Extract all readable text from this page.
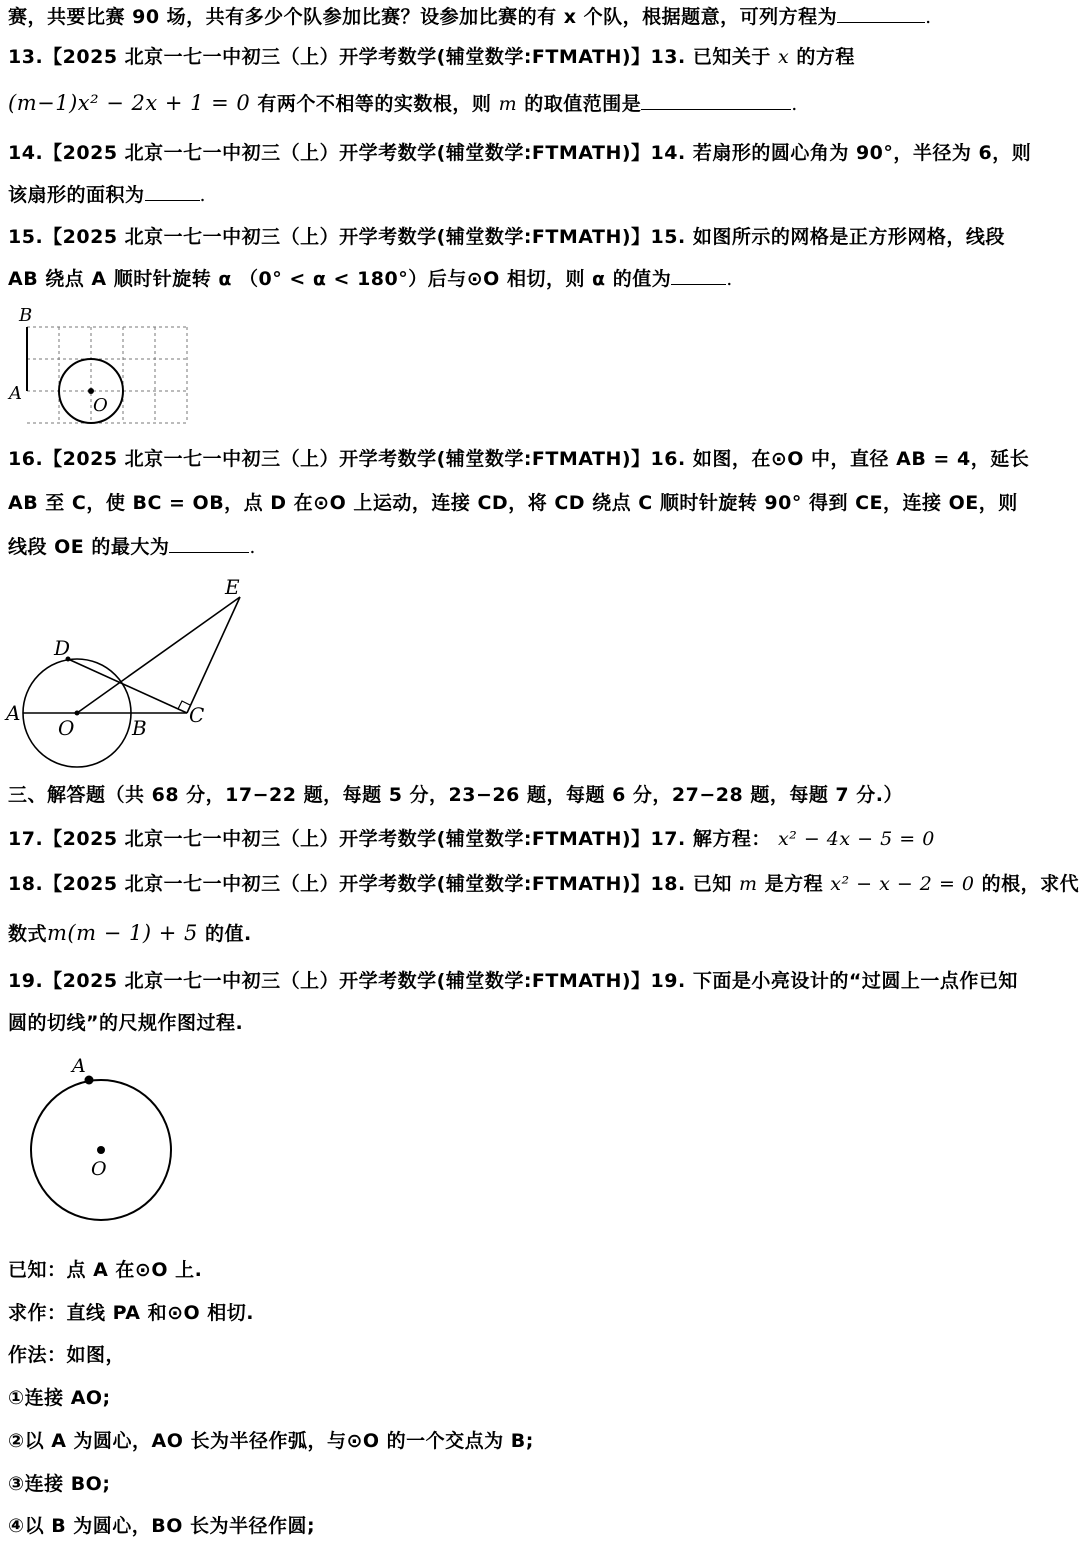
赛，共要比赛 90 场，共有多少个队参加比赛？设参加比赛的有 x 个队，根据题意，可列方程为	.
13.【2025 北京一七一中初三（上）开学考数学(辅堂数学:FTMATH)】13. 已知关于 x 的方程
(m−1)x² − 2x + 1 = 0 有两个不相等的实数根，则 m 的取值范围是	.
14.【2025 北京一七一中初三（上）开学考数学(辅堂数学:FTMATH)】14. 若扇形的圆心角为 90°，半径为 6，则
该扇形的面积为	.
15.【2025 北京一七一中初三（上）开学考数学(辅堂数学:FTMATH)】15. 如图所示的网格是正方形网格，线段
AB 绕点 A 顺时针旋转 α （0° < α < 180°）后与⊙O 相切，则 α 的值为	.
B
A
O
16.【2025 北京一七一中初三（上）开学考数学(辅堂数学:FTMATH)】16. 如图，在⊙O 中，直径 AB = 4，延长
AB 至 C，使 BC = OB，点 D 在⊙O 上运动，连接 CD，将 CD 绕点 C 顺时针旋转 90° 得到 CE，连接 OE，则
线段 OE 的最大为	.
E
D
A
O	B
C
三、解答题（共 68 分，17−22 题，每题 5 分，23−26 题，每题 6 分，27−28 题，每题 7 分.）
17.【2025 北京一七一中初三（上）开学考数学(辅堂数学:FTMATH)】17. 解方程： x² − 4x − 5 = 0
18.【2025 北京一七一中初三（上）开学考数学(辅堂数学:FTMATH)】18. 已知 m 是方程 x² − x − 2 = 0 的根，求代
数式m(m − 1) + 5 的值.
19.【2025 北京一七一中初三（上）开学考数学(辅堂数学:FTMATH)】19. 下面是小亮设计的“过圆上一点作已知
圆的切线”的尺规作图过程.
A
O
已知：点 A 在⊙O 上.
求作：直线 PA 和⊙O 相切.
作法：如图，
①连接 AO;
②以 A 为圆心，AO 长为半径作弧，与⊙O 的一个交点为 B;
③连接 BO;
④以 B 为圆心，BO 长为半径作圆;
